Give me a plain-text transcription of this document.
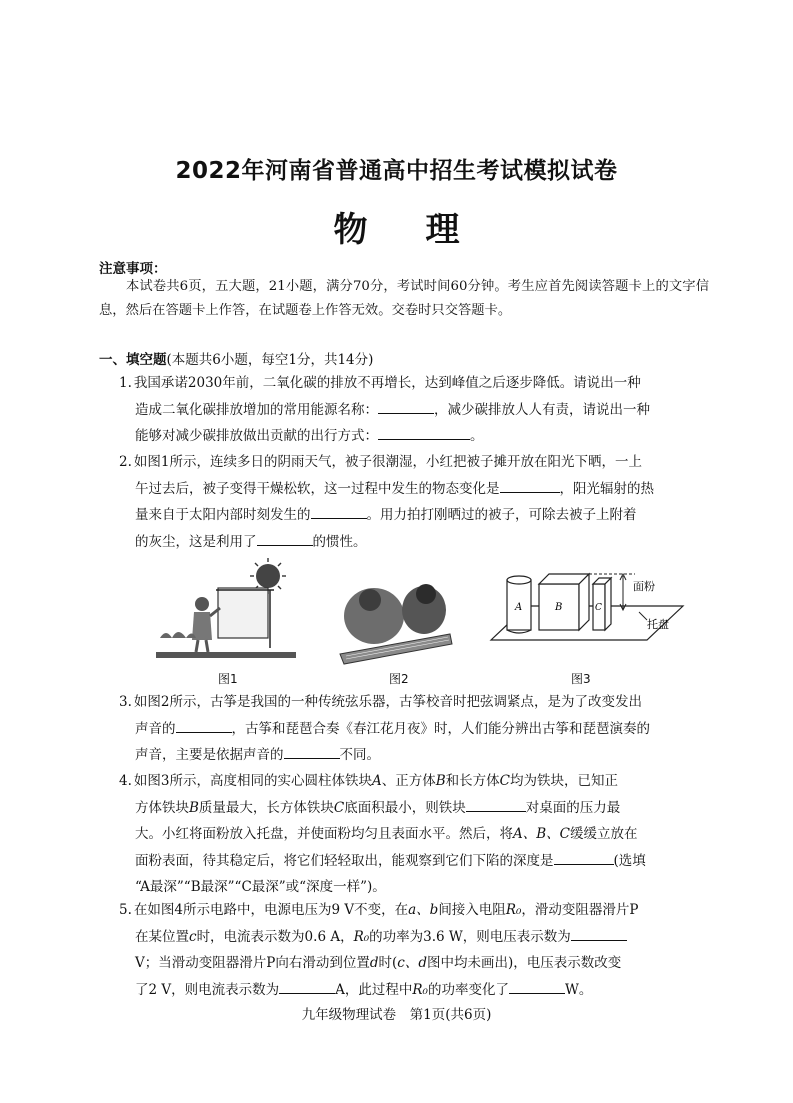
2022年河南省普通高中招生考试模拟试卷
物理
注意事项：
本试卷共6页，五大题，21小题，满分70分，考试时间60分钟。考生应首先阅读答题卡上的文字信息，然后在答题卡上作答，在试题卷上作答无效。交卷时只交答题卡。
一、填空题(本题共6小题，每空1分，共14分)

1. 我国承诺2030年前，二氧化碳的排放不再增长，达到峰值之后逐步降低。请说出一种

造成二氧化碳排放增加的常用能源名称：	，减少碳排放人人有责，请说出一种

能够对减少碳排放做出贡献的出行方式：	。

2. 如图1所示，连续多日的阴雨天气，被子很潮湿，小红把被子摊开放在阳光下晒，一上

午过去后，被子变得干燥松软，这一过程中发生的物态变化是	，阳光辐射的热

量来自于太阳内部时刻发生的	。用力拍打刚晒过的被子，可除去被子上附着

的灰尘，这是利用了	的惯性。

A	B	C
面粉
托盘
图1	图2	图3

3. 如图2所示，古筝是我国的一种传统弦乐器，古筝校音时把弦调紧点，是为了改变发出

声音的	，古筝和琵琶合奏《春江花月夜》时，人们能分辨出古筝和琵琶演奏的

声音，主要是依据声音的	不同。

4. 如图3所示，高度相同的实心圆柱体铁块A、正方体B和长方体C均为铁块，已知正

方体铁块B质量最大，长方体铁块C底面积最小，则铁块	对桌面的压力最

大。小红将面粉放入托盘，并使面粉均匀且表面水平。然后，将A、B、C缓缓立放在

面粉表面，待其稳定后，将它们轻轻取出，能观察到它们下陷的深度是	(选填

“A最深”“B最深”“C最深”或“深度一样”)。

5. 在如图4所示电路中，电源电压为9 V不变，在a、b间接入电阻R₀，滑动变阻器滑片P

在某位置c时，电流表示数为0.6 A，R₀的功率为3.6 W，则电压表示数为

V；当滑动变阻器滑片P向右滑动到位置d时(c、d图中均未画出)，电压表示数改变

了2 V，则电流表示数为	A，此过程中R₀的功率变化了	W。

九年级物理试卷　第1页(共6页)
